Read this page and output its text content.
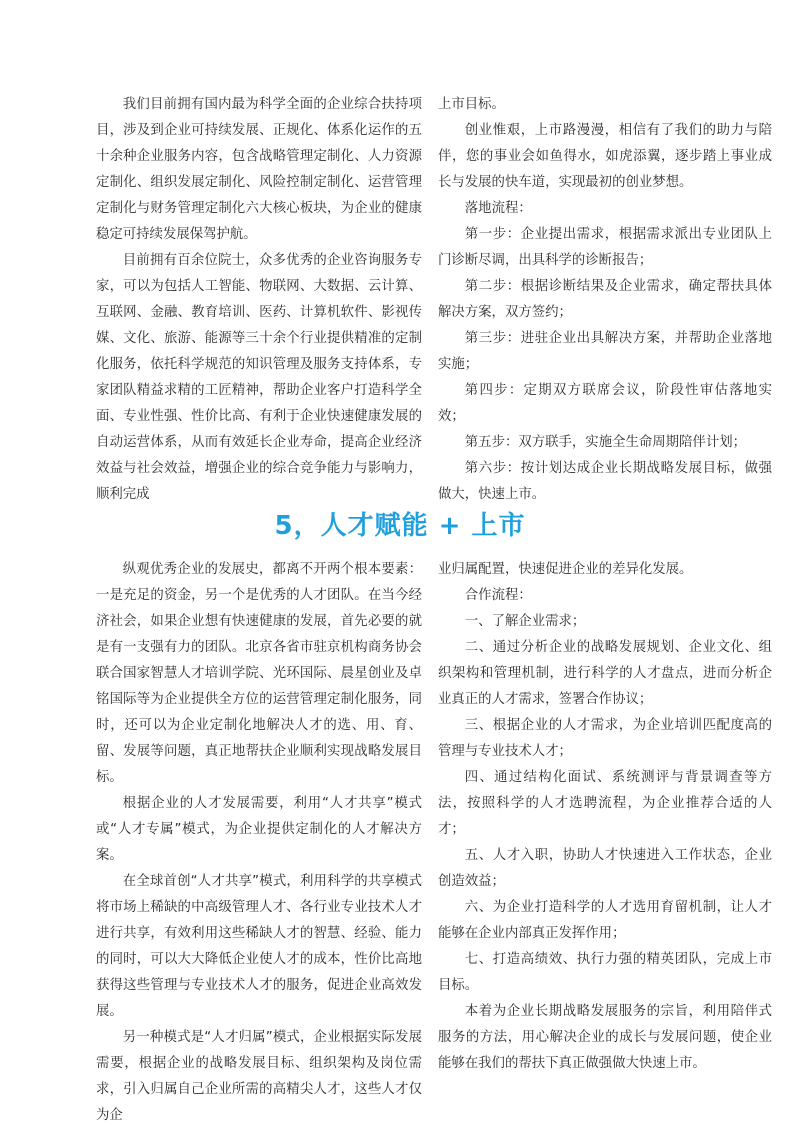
我们目前拥有国内最为科学全面的企业综合扶持项目，涉及到企业可持续发展、正规化、体系化运作的五十余种企业服务内容，包含战略管理定制化、人力资源定制化、组织发展定制化、风险控制定制化、运营管理定制化与财务管理定制化六大核心板块，为企业的健康稳定可持续发展保驾护航。

目前拥有百余位院士，众多优秀的企业咨询服务专家，可以为包括人工智能、物联网、大数据、云计算、互联网、金融、教育培训、医药、计算机软件、影视传媒、文化、旅游、能源等三十余个行业提供精准的定制化服务，依托科学规范的知识管理及服务支持体系，专家团队精益求精的工匠精神，帮助企业客户打造科学全面、专业性强、性价比高、有利于企业快速健康发展的自动运营体系，从而有效延长企业寿命，提高企业经济效益与社会效益，增强企业的综合竞争能力与影响力，顺利完成

上市目标。

创业惟艰，上市路漫漫，相信有了我们的助力与陪伴，您的事业会如鱼得水，如虎添翼，逐步踏上事业成长与发展的快车道，实现最初的创业梦想。

落地流程：

第一步：企业提出需求，根据需求派出专业团队上门诊断尽调，出具科学的诊断报告；

第二步：根据诊断结果及企业需求，确定帮扶具体解决方案，双方签约；

第三步：进驻企业出具解决方案，并帮助企业落地实施；

第四步：定期双方联席会议，阶段性审估落地实效；

第五步：双方联手，实施全生命周期陪伴计划；

第六步：按计划达成企业长期战略发展目标，做强做大，快速上市。

5，人才赋能 + 上市

纵观优秀企业的发展史，都离不开两个根本要素：一是充足的资金，另一个是优秀的人才团队。在当今经济社会，如果企业想有快速健康的发展，首先必要的就是有一支强有力的团队。北京各省市驻京机构商务协会联合国家智慧人才培训学院、光环国际、晨星创业及卓铭国际等为企业提供全方位的运营管理定制化服务，同时，还可以为企业定制化地解决人才的选、用、育、留、发展等问题，真正地帮扶企业顺利实现战略发展目标。

根据企业的人才发展需要，利用“人才共享”模式或“人才专属”模式，为企业提供定制化的人才解决方案。

在全球首创“人才共享”模式，利用科学的共享模式将市场上稀缺的中高级管理人才、各行业专业技术人才进行共享，有效利用这些稀缺人才的智慧、经验、能力的同时，可以大大降低企业使人才的成本，性价比高地获得这些管理与专业技术人才的服务，促进企业高效发展。

另一种模式是“人才归属”模式，企业根据实际发展需要，根据企业的战略发展目标、组织架构及岗位需求，引入归属自己企业所需的高精尖人才，这些人才仅为企

业归属配置，快速促进企业的差异化发展。

合作流程：

一、了解企业需求；

二、通过分析企业的战略发展规划、企业文化、组织架构和管理机制，进行科学的人才盘点，进而分析企业真正的人才需求，签署合作协议；

三、根据企业的人才需求，为企业培训匹配度高的管理与专业技术人才；

四、通过结构化面试、系统测评与背景调查等方法，按照科学的人才选聘流程，为企业推荐合适的人才；

五、人才入职，协助人才快速进入工作状态，企业创造效益；

六、为企业打造科学的人才选用育留机制，让人才能够在企业内部真正发挥作用；

七、打造高绩效、执行力强的精英团队，完成上市目标。

本着为企业长期战略发展服务的宗旨，利用陪伴式服务的方法，用心解决企业的成长与发展问题，使企业能够在我们的帮扶下真正做强做大快速上市。
